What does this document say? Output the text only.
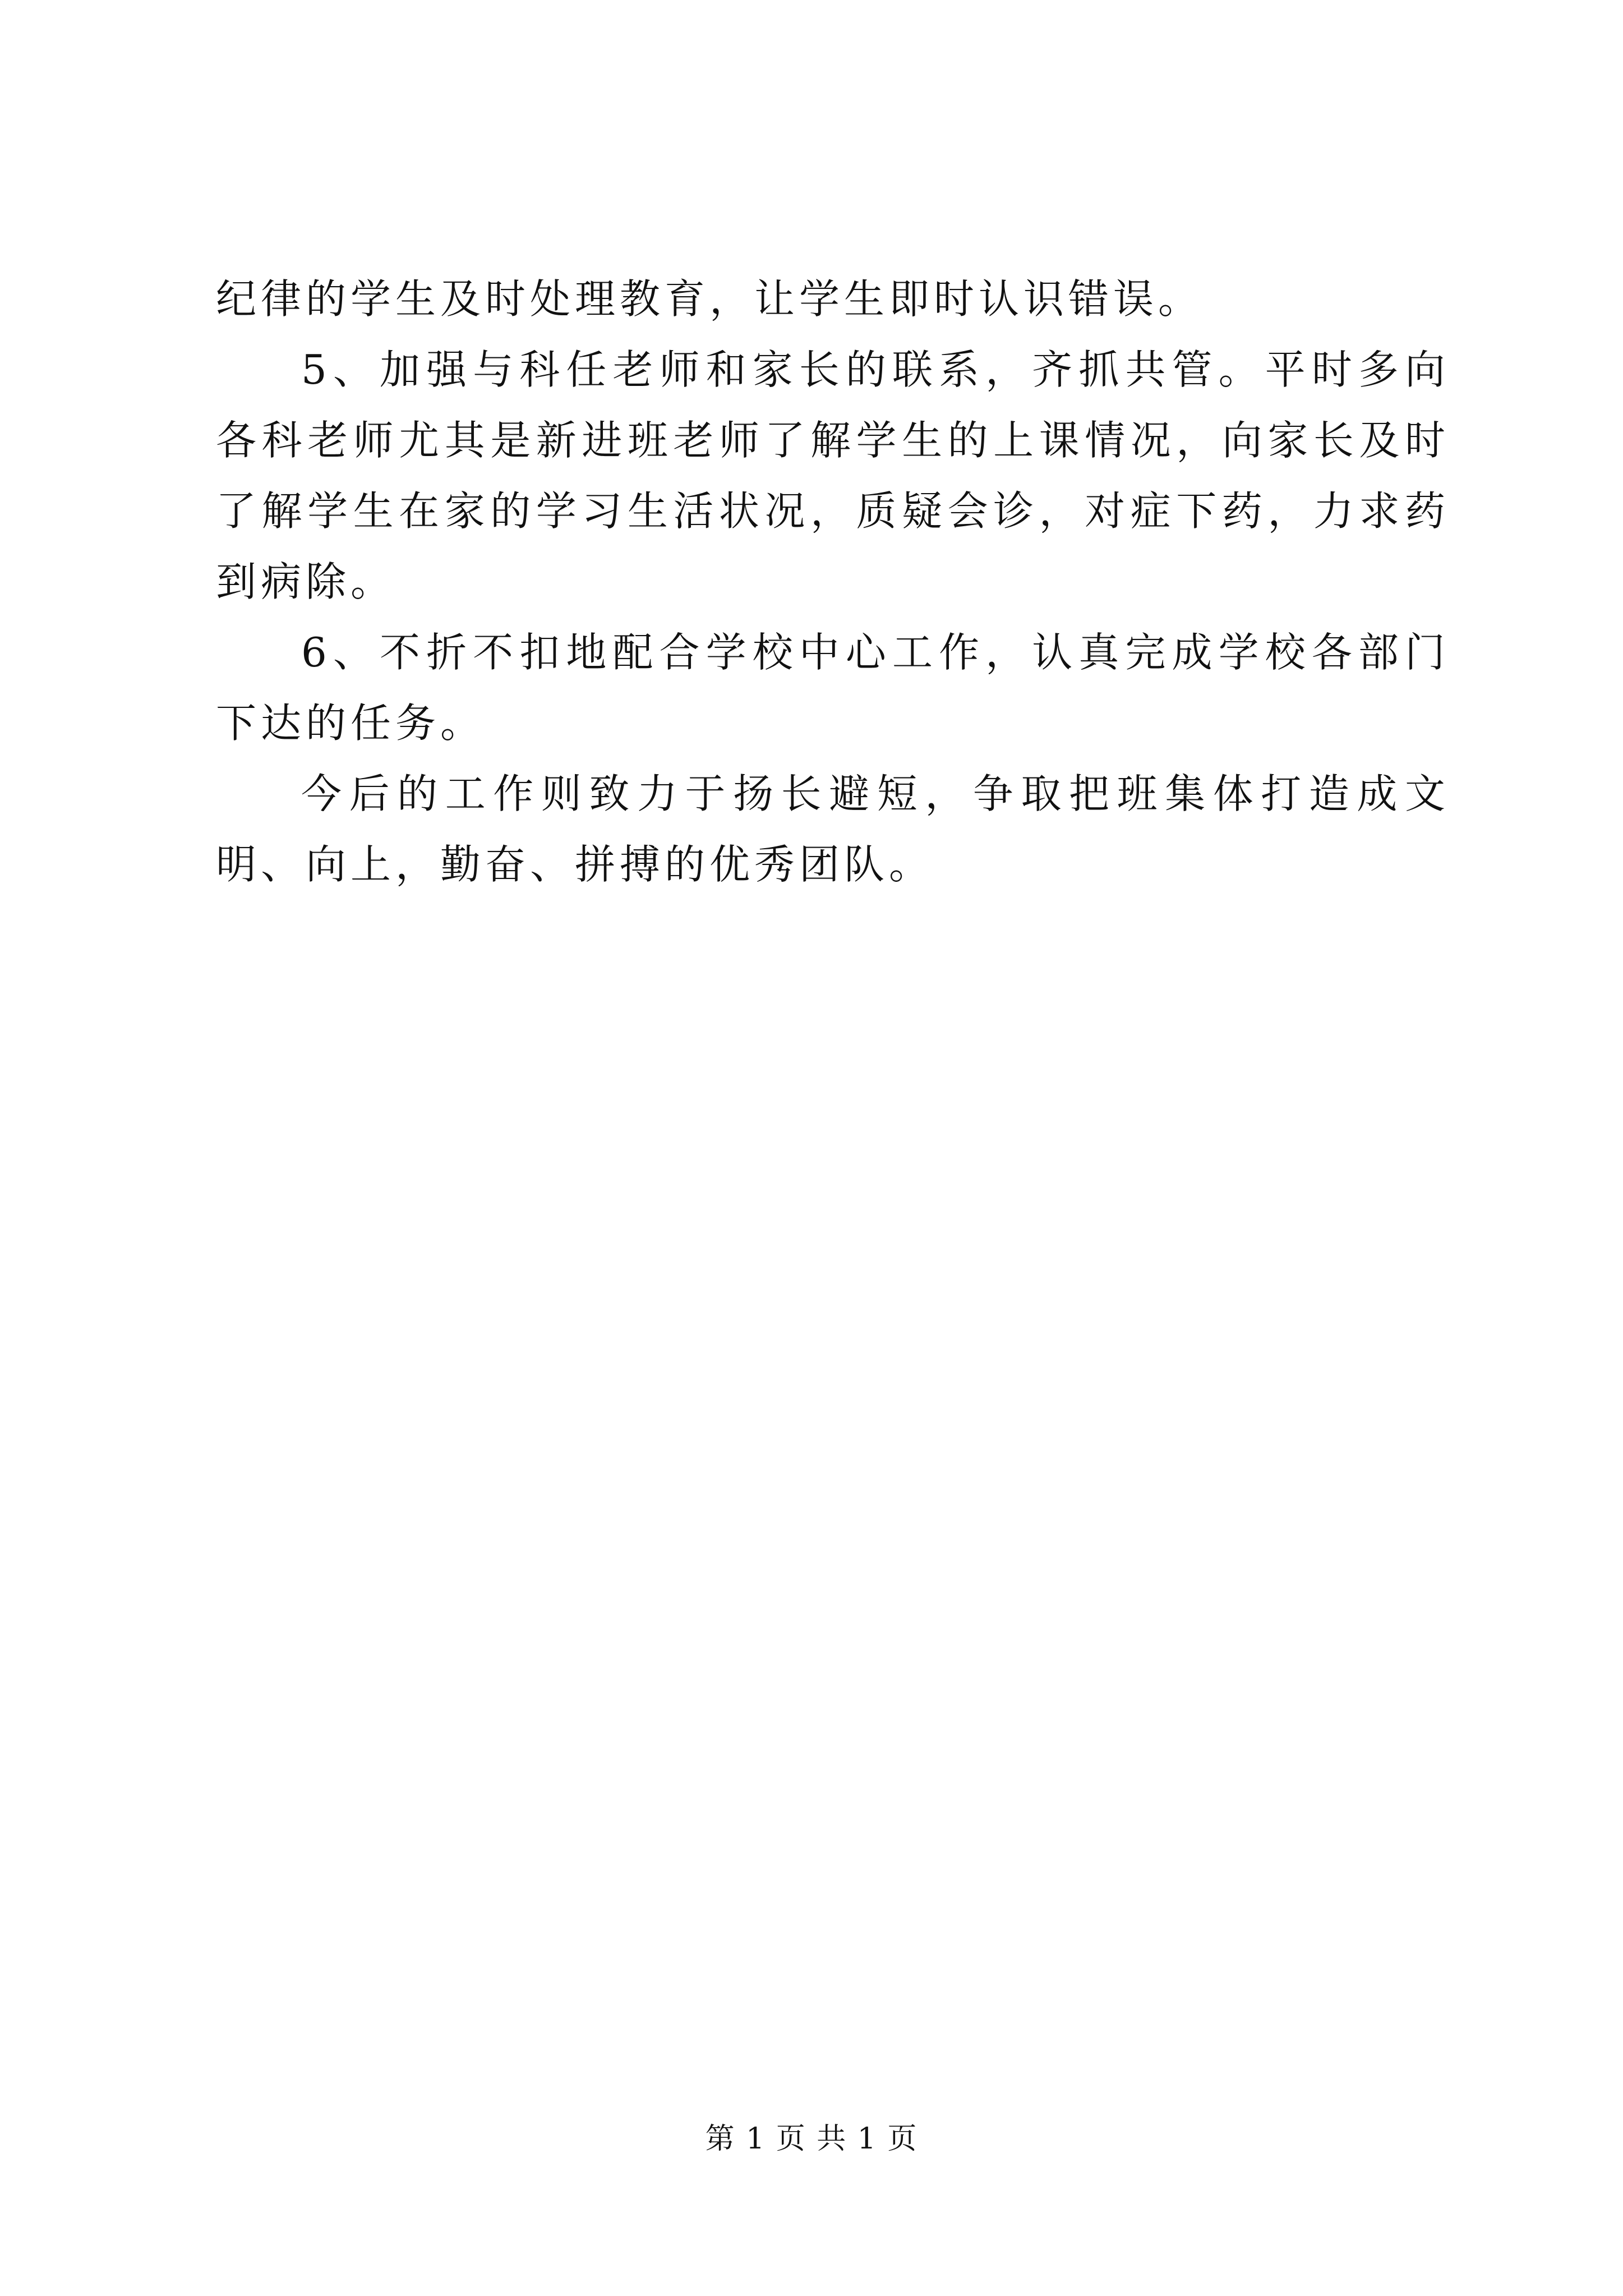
纪律的学生及时处理教育，让学生即时认识错误。

5、加强与科任老师和家长的联系，齐抓共管。平时多向各科老师尤其是新进班老师了解学生的上课情况，向家长及时了解学生在家的学习生活状况，质疑会诊，对症下药，力求药到病除。

6、不折不扣地配合学校中心工作，认真完成学校各部门下达的任务。

今后的工作则致力于扬长避短，争取把班集体打造成文明、向上，勤奋、拼搏的优秀团队。

第 1 页 共 1 页
